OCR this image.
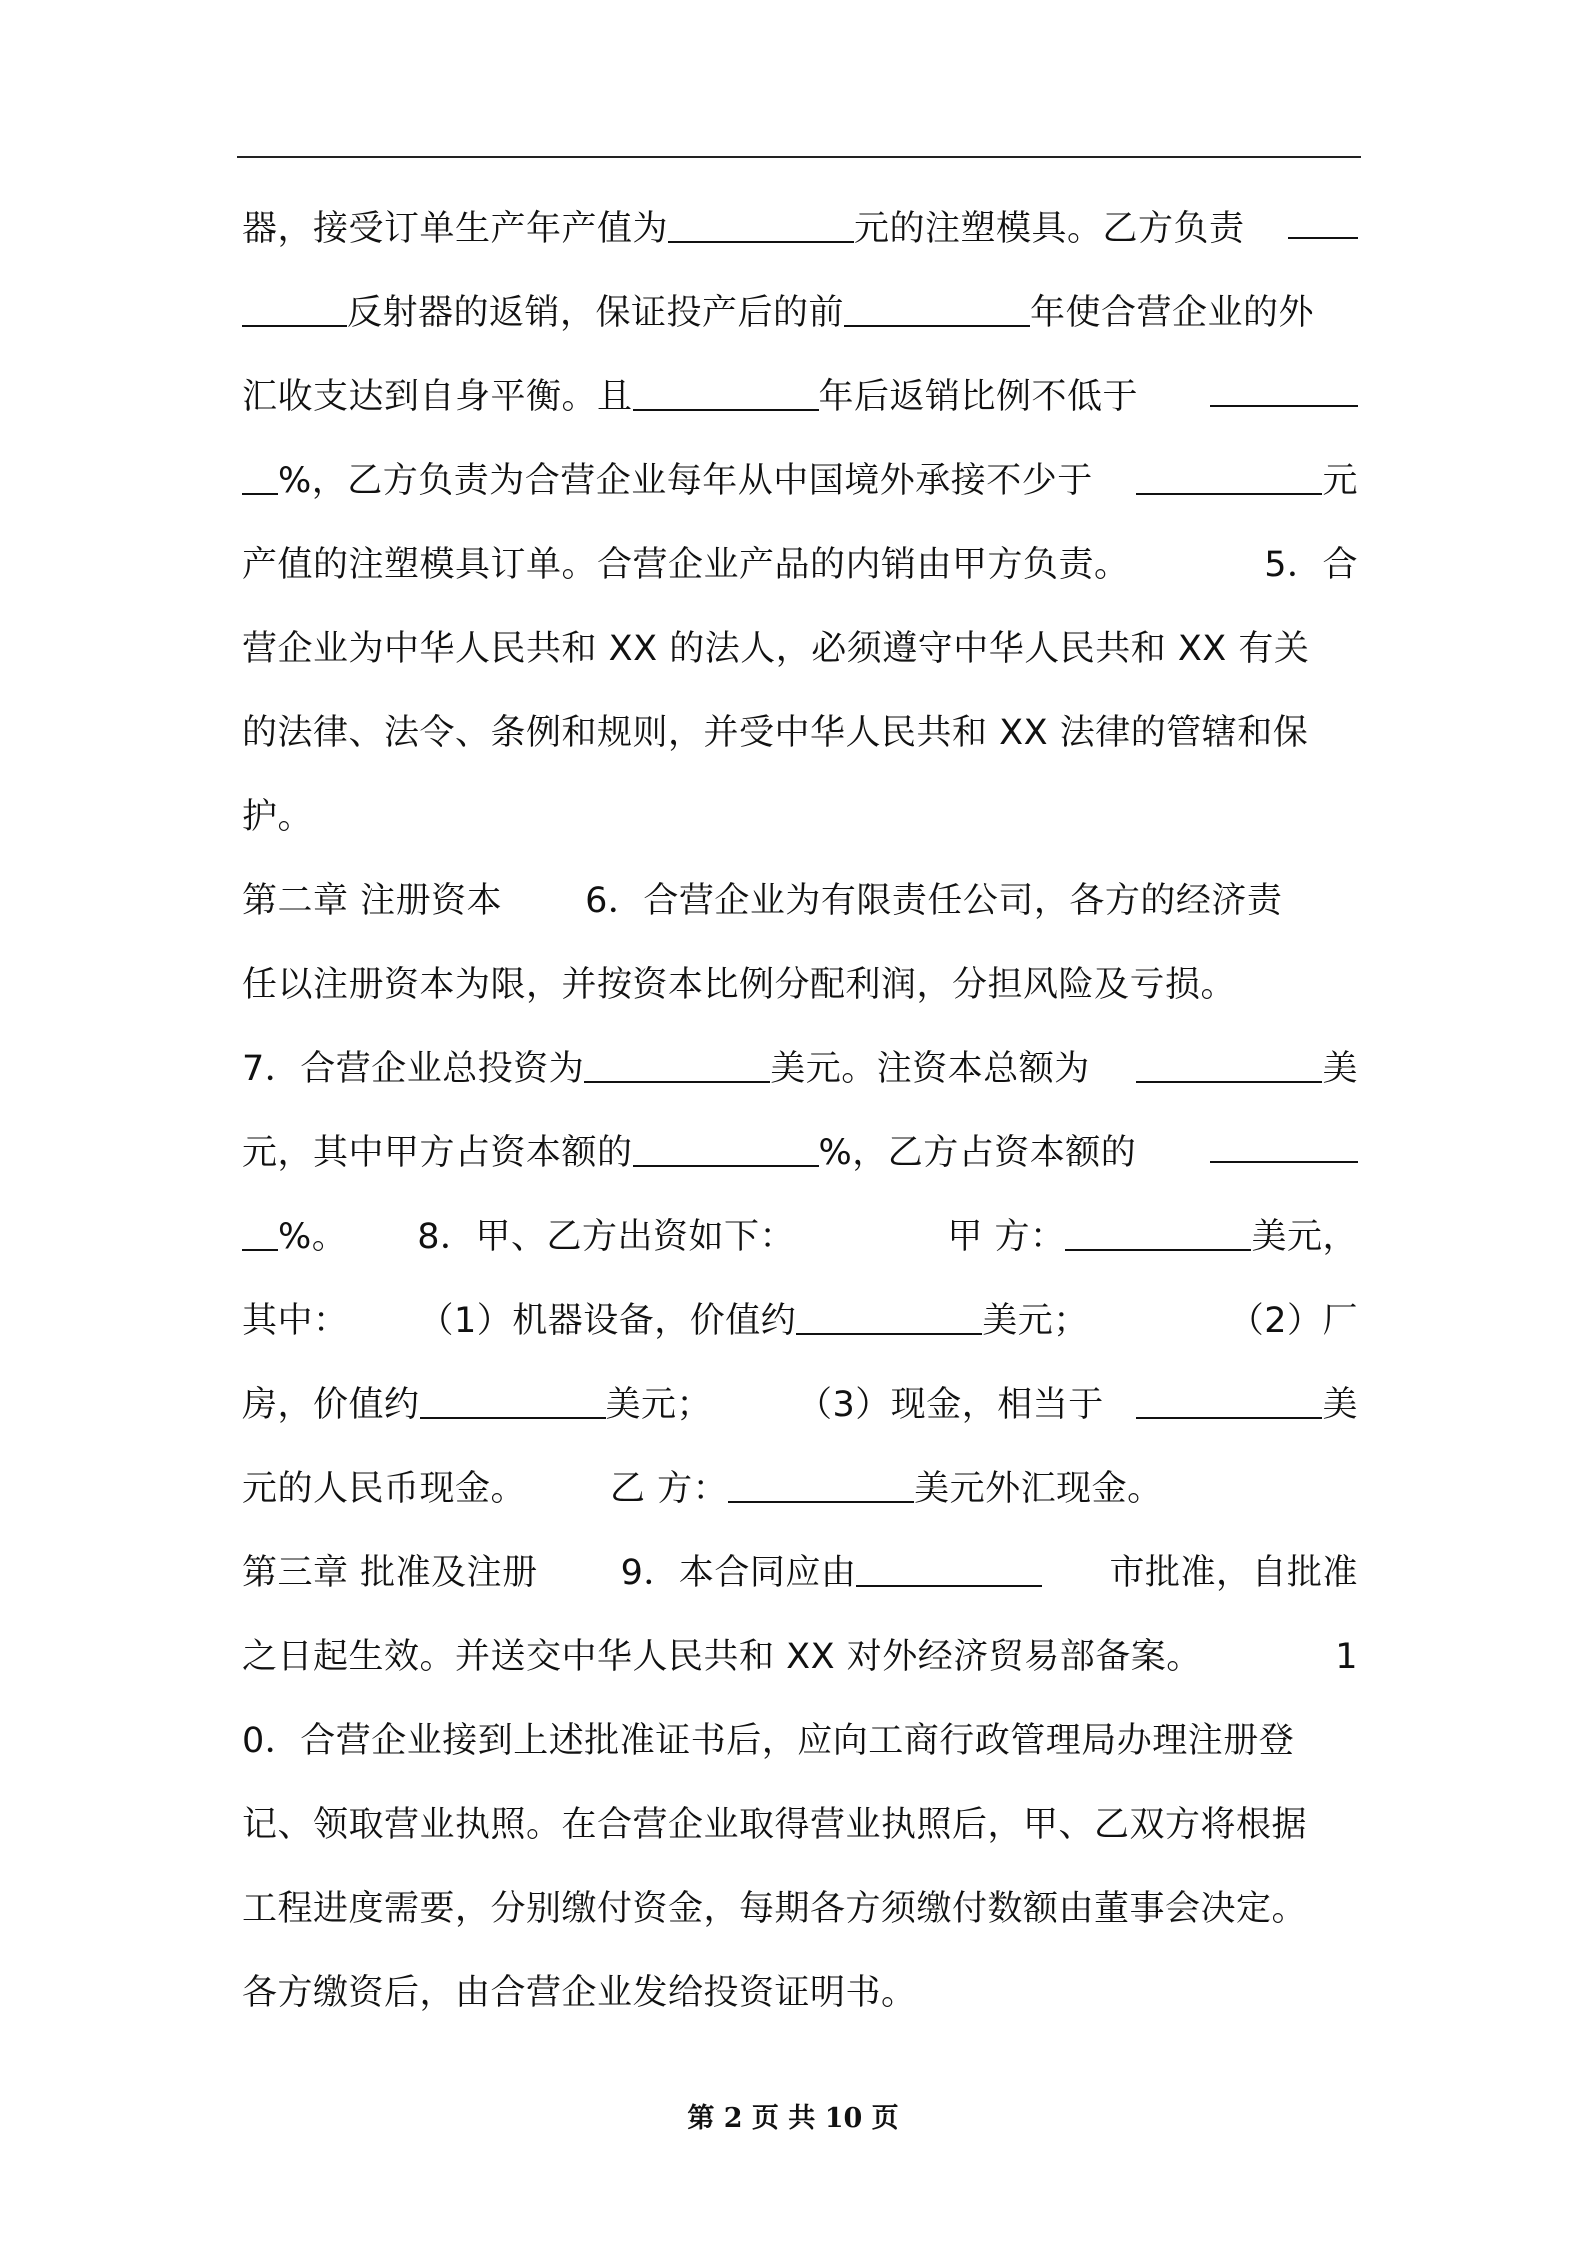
器，接受订单生产年产值为	元的注塑模具。乙方负责
反射器的返销，保证投产后的前	年使合营企业的外
汇收支达到自身平衡。且	年后返销比例不低于
%，乙方负责为合营企业每年从中国境外承接不少于	元
产值的注塑模具订单。合营企业产品的内销由甲方负责。	5．合
营企业为中华人民共和 XX 的法人，必须遵守中华人民共和 XX 有关
的法律、法令、条例和规则，并受中华人民共和 XX 法律的管辖和保
护。
第二章 注册资本 6．合营企业为有限责任公司，各方的经济责
任以注册资本为限，并按资本比例分配利润，分担风险及亏损。
7．合营企业总投资为	美元。注资本总额为	美
元，其中甲方占资本额的	%，乙方占资本额的
%。 8．甲、乙方出资如下：	甲 方：	美元，
其中： （1）机器设备，价值约	美元；	（2）厂
房，价值约	美元； （3）现金，相当于	美
元的人民币现金。 乙 方：	美元外汇现金。
第三章 批准及注册 9．本合同应由	市批准，自批准
之日起生效。并送交中华人民共和 XX 对外经济贸易部备案。	1
0．合营企业接到上述批准证书后，应向工商行政管理局办理注册登
记、领取营业执照。在合营企业取得营业执照后，甲、乙双方将根据
工程进度需要，分别缴付资金，每期各方须缴付数额由董事会决定。
各方缴资后，由合营企业发给投资证明书。
第 2 页 共 10 页
